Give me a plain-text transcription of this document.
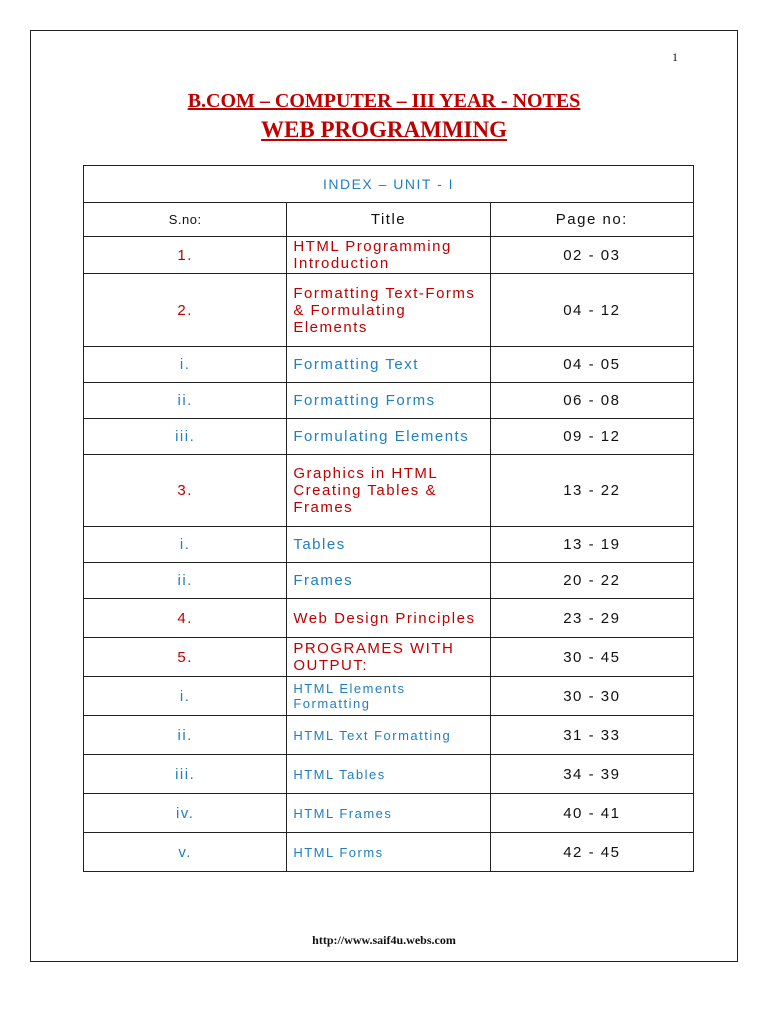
1
B.COM – COMPUTER – III YEAR - NOTES
WEB PROGRAMMING
INDEX – UNIT - I		
S.no:	Title	Page no:
1.	HTML Programming Introduction	02 - 03
2.	Formatting Text-Forms & Formulating Elements	04 - 12
i.	Formatting Text	04 - 05
ii.	Formatting Forms	06 - 08
iii.	Formulating Elements	09 - 12
3.	Graphics in HTML Creating Tables & Frames	13 - 22
i.	Tables	13 - 19
ii.	Frames	20 - 22
4.	Web Design Principles	23 - 29
5.	PROGRAMES WITH OUTPUT:	30 - 45
i.	HTML Elements Formatting	30 - 30
ii.	HTML Text Formatting	31 - 33
iii.	HTML Tables	34 - 39
iv.	HTML Frames	40 - 41
v.	HTML Forms	42 - 45
http://www.saif4u.webs.com
